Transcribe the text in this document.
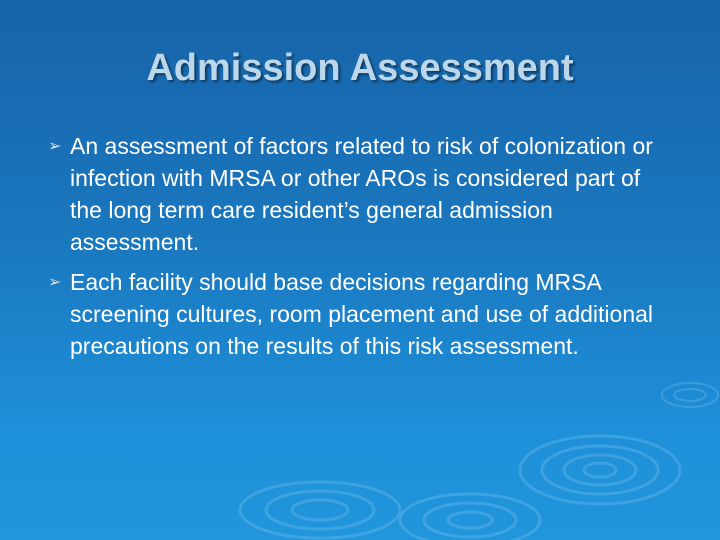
Admission Assessment
➢ An assessment of factors related to risk of colonization or infection with MRSA or other AROs is considered part of the long term care resident’s general admission assessment.
➢ Each facility should base decisions regarding MRSA screening cultures, room placement and use of additional precautions on the results of this risk assessment.
